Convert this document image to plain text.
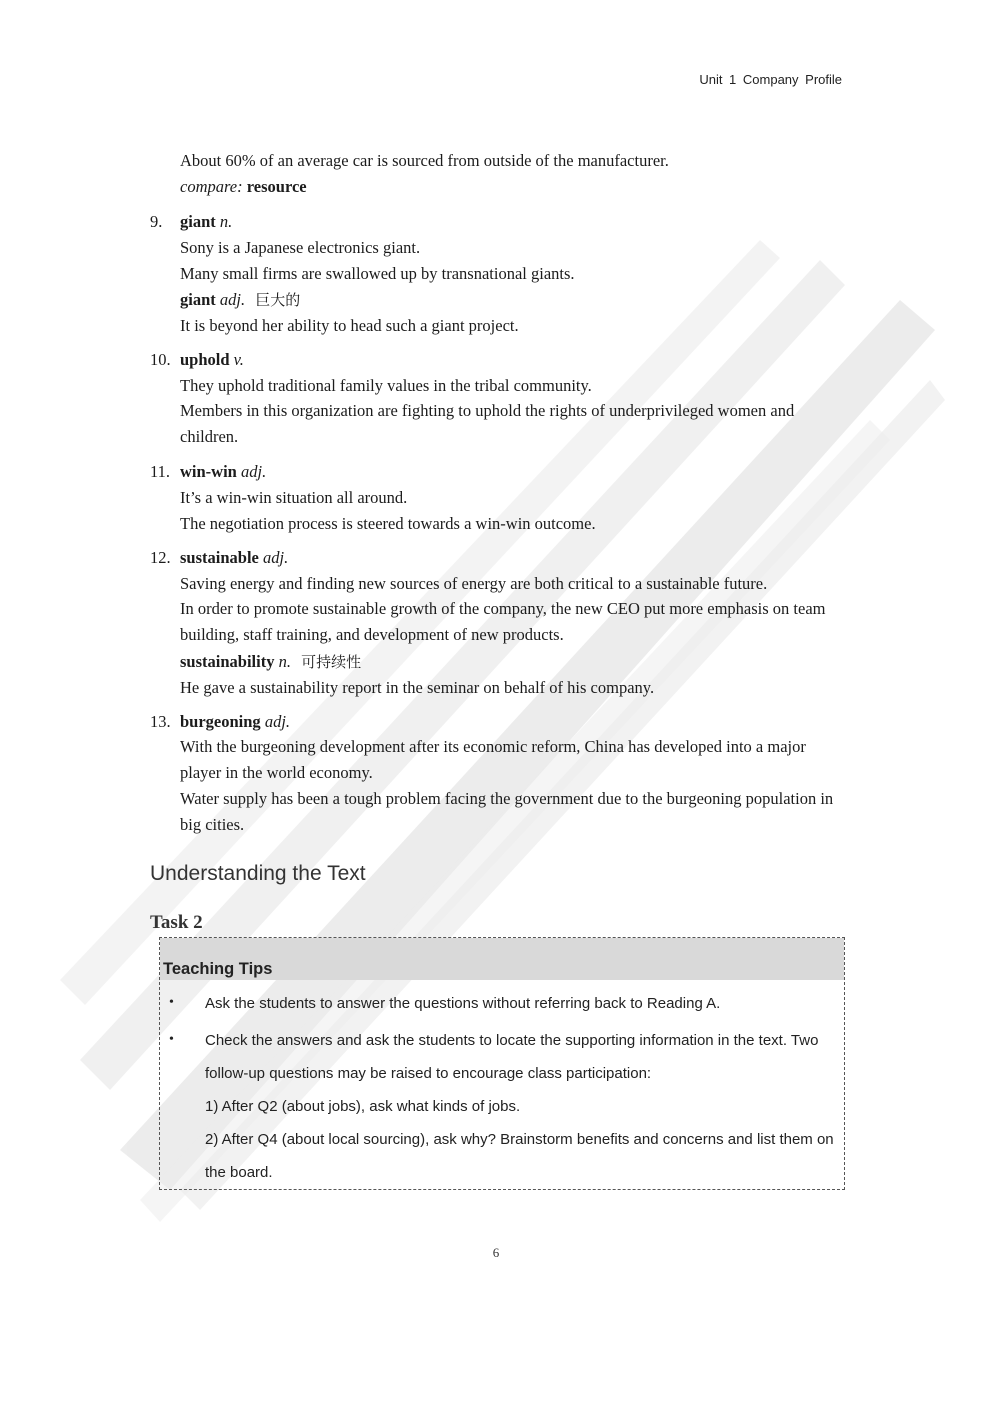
Unit 1 Company Profile
About 60% of an average car is sourced from outside of the manufacturer.
compare: resource
9. giant n.
Sony is a Japanese electronics giant.
Many small firms are swallowed up by transnational giants.
giant adj. 巨大的
It is beyond her ability to head such a giant project.
10. uphold v.
They uphold traditional family values in the tribal community.
Members in this organization are fighting to uphold the rights of underprivileged women and children.
11. win-win adj.
It’s a win-win situation all around.
The negotiation process is steered towards a win-win outcome.
12. sustainable adj.
Saving energy and finding new sources of energy are both critical to a sustainable future.
In order to promote sustainable growth of the company, the new CEO put more emphasis on team building, staff training, and development of new products.
sustainability n. 可持续性
He gave a sustainability report in the seminar on behalf of his company.
13. burgeoning adj.
With the burgeoning development after its economic reform, China has developed into a major player in the world economy.
Water supply has been a tough problem facing the government due to the burgeoning population in big cities.
Understanding the Text
Task 2
Teaching Tips
• Ask the students to answer the questions without referring back to Reading A.
• Check the answers and ask the students to locate the supporting information in the text. Two follow-up questions may be raised to encourage class participation:
1) After Q2 (about jobs), ask what kinds of jobs.
2) After Q4 (about local sourcing), ask why? Brainstorm benefits and concerns and list them on the board.
6
